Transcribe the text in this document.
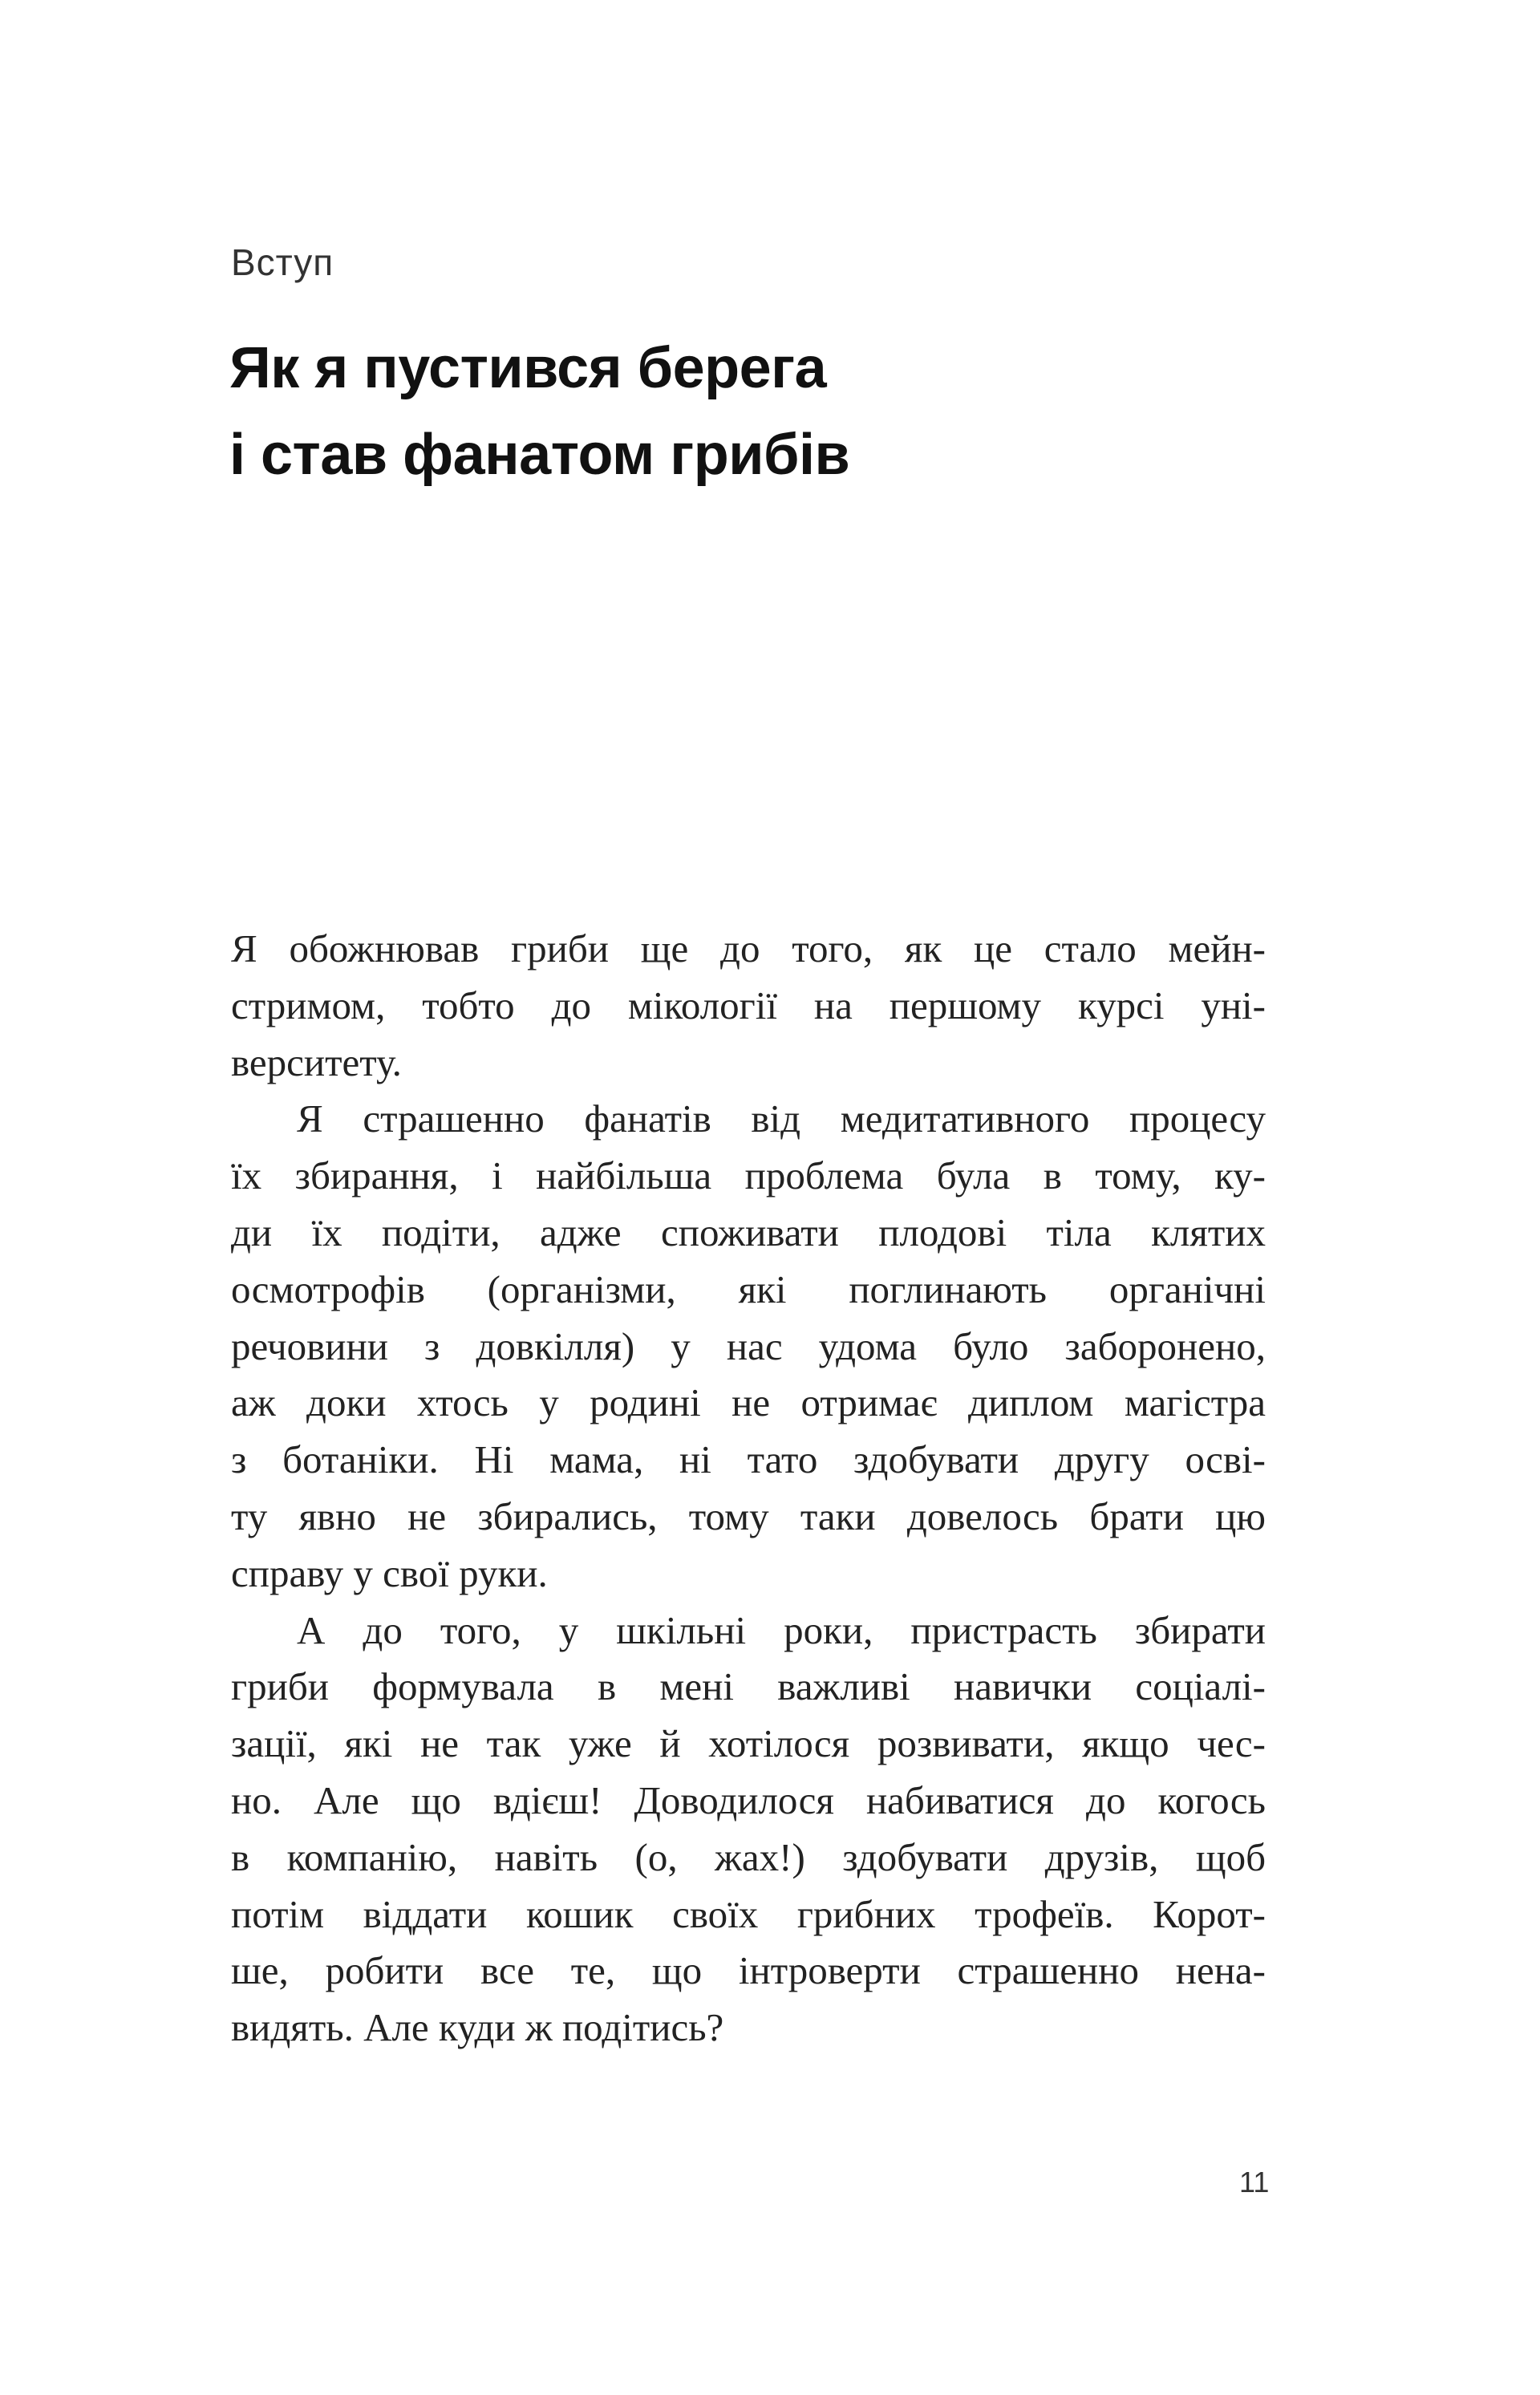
Вступ
Як я пустився берега
і став фанатом грибів
Я обожнював гриби ще до того, як це стало мейн-
стримом, тобто до мікології на першому курсі уні-
верситету.
Я страшенно фанатів від медитативного процесу
їх збирання, і найбільша проблема була в тому, ку-
ди їх подіти, адже споживати плодові тіла клятих
осмотрофів (організми, які поглинають органічні
речовини з довкілля) у нас удома було заборонено,
аж доки хтось у родині не отримає диплом магістра
з ботаніки. Ні мама, ні тато здобувати другу осві-
ту явно не збирались, тому таки довелось брати цю
справу у свої руки.
А до того, у шкільні роки, пристрасть збирати
гриби формувала в мені важливі навички соціалі-
зації, які не так уже й хотілося розвивати, якщо чес-
но. Але що вдієш! Доводилося набиватися до когось
в компанію, навіть (о, жах!) здобувати друзів, щоб
потім віддати кошик своїх грибних трофеїв. Корот-
ше, робити все те, що інтроверти страшенно нена-
видять. Але куди ж подітись?
11
